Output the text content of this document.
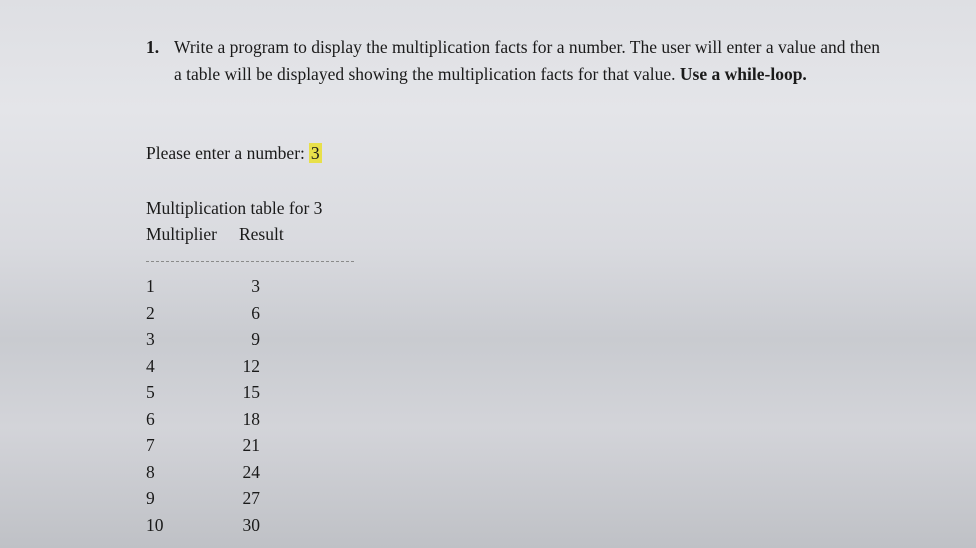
1. Write a program to display the multiplication facts for a number. The user will enter a value and then a table will be displayed showing the multiplication facts for that value. Use a while-loop.
Please enter a number: 3
Multiplication table for 3
Multiplier Result
1	3
2	6
3	9
4	12
5	15
6	18
7	21
8	24
9	27
10	30
